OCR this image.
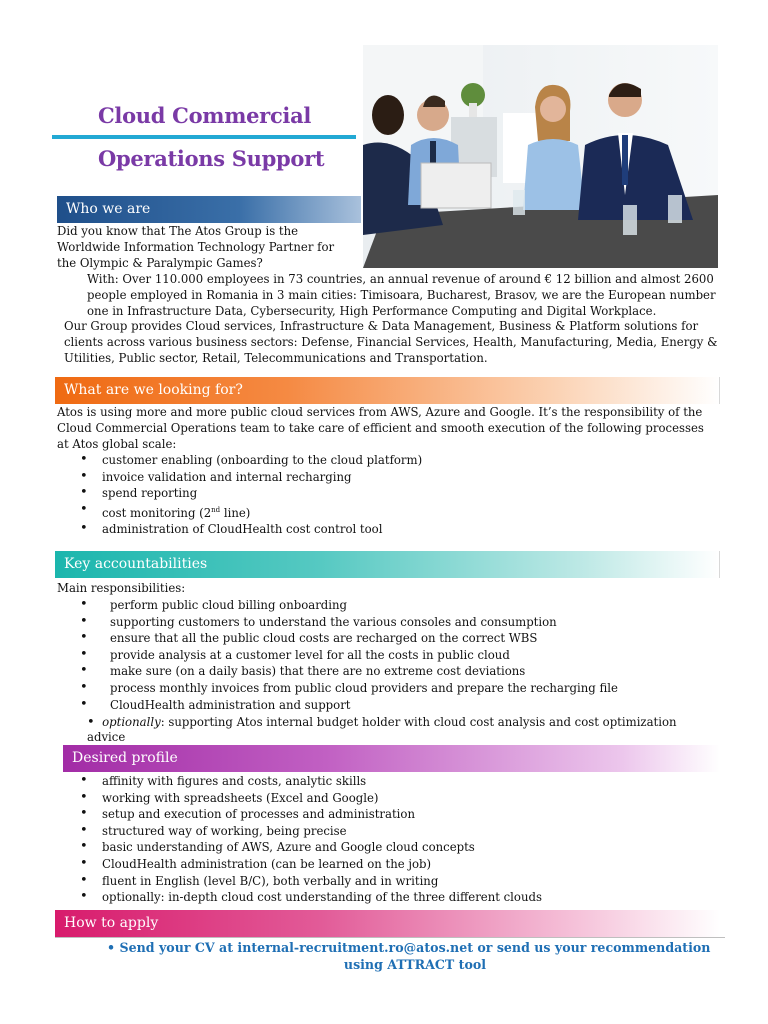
Cloud Commercial
Operations Support
Who we are
Did you know that The Atos Group is the
Worldwide Information Technology Partner for
the Olympic & Paralympic Games?
With: Over 110.000 employees in 73 countries, an annual revenue of around € 12 billion and almost 2600
people employed in Romania in 3 main cities: Timisoara, Bucharest, Brasov, we are the European number
one in Infrastructure Data, Cybersecurity, High Performance Computing and Digital Workplace.
Our Group provides Cloud services, Infrastructure & Data Management, Business & Platform solutions for
clients across various business sectors: Defense, Financial Services, Health, Manufacturing, Media, Energy &
Utilities, Public sector, Retail, Telecommunications and Transportation.
What are we looking for?
Atos is using more and more public cloud services from AWS, Azure and Google. It’s the responsibility of the
Cloud Commercial Operations team to take care of efficient and smooth execution of the following processes
at Atos global scale:
• customer enabling (onboarding to the cloud platform)
• invoice validation and internal recharging
• spend reporting
• cost monitoring (2nd line)
• administration of CloudHealth cost control tool
Key accountabilities
Main responsibilities:
• perform public cloud billing onboarding
• supporting customers to understand the various consoles and consumption
• ensure that all the public cloud costs are recharged on the correct WBS
• provide analysis at a customer level for all the costs in public cloud
• make sure (on a daily basis) that there are no extreme cost deviations
• process monthly invoices from public cloud providers and prepare the recharging file
• CloudHealth administration and support
• optionally: supporting Atos internal budget holder with cloud cost analysis and cost optimization
advice
Desired profile
• affinity with figures and costs, analytic skills
• working with spreadsheets (Excel and Google)
• setup and execution of processes and administration
• structured way of working, being precise
• basic understanding of AWS, Azure and Google cloud concepts
• CloudHealth administration (can be learned on the job)
• fluent in English (level B/C), both verbally and in writing
• optionally: in-depth cloud cost understanding of the three different clouds
How to apply
• Send your CV at internal-recruitment.ro@atos.net or send us your recommendation
using ATTRACT tool
